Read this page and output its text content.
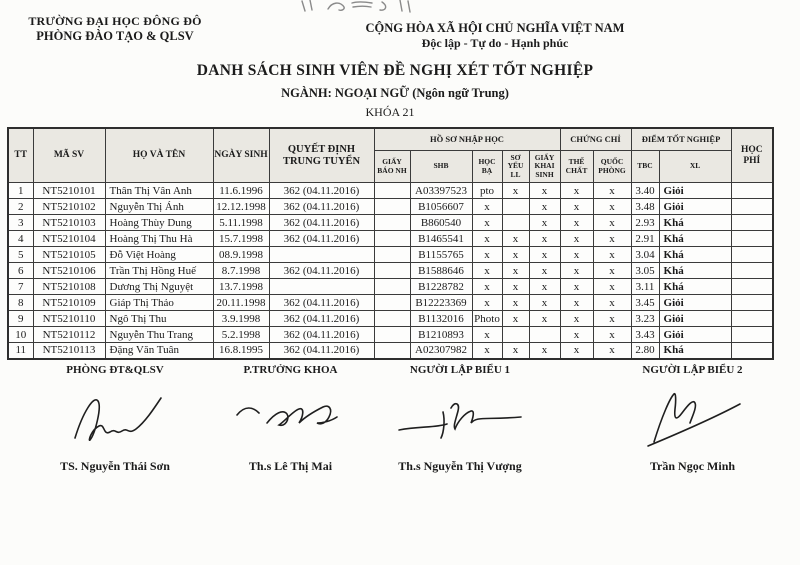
TRƯỜNG ĐẠI HỌC ĐÔNG ĐÔ
PHÒNG ĐÀO TẠO & QLSV
CỘNG HÒA XÃ HỘI CHỦ NGHĨA VIỆT NAM
Độc lập - Tự do - Hạnh phúc
DANH SÁCH SINH VIÊN ĐỀ NGHỊ XÉT TỐT NGHIỆP
NGÀNH: NGOẠI NGỮ (Ngôn ngữ Trung)
KHÓA 21
TT	MÃ SV	HỌ VÀ TÊN	NGÀY SINH	QUYẾT ĐỊNH TRUNG TUYỂN	HỒ SƠ NHẬP HỌC					CHỨNG CHỈ		ĐIỂM TỐT NGHIỆP		HỌC PHÍ
					GIẤY BÁO NH	SHB	HỌC BẠ	SƠ YẾU LL	GIẤY KHAI SINH	THỂ CHẤT	QUỐC PHÒNG	TBC	XL	
1	NT5210101	Thân Thị Vân Anh	11.6.1996	362 (04.11.2016)		A03397523	pto	x	x	x	x	3.40	Giỏi	
2	NT5210102	Nguyễn Thị Ánh	12.12.1998	362 (04.11.2016)		B1056607	x		x	x	x	3.48	Giỏi	
3	NT5210103	Hoàng Thùy Dung	5.11.1998	362 (04.11.2016)		B860540	x		x	x	x	2.93	Khá	
4	NT5210104	Hoàng Thị Thu Hà	15.7.1998	362 (04.11.2016)		B1465541	x	x	x	x	x	2.91	Khá	
5	NT5210105	Đỗ Việt Hoàng	08.9.1998			B1155765	x	x	x	x	x	3.04	Khá	
6	NT5210106	Trần Thị Hồng Huế	8.7.1998	362 (04.11.2016)		B1588646	x	x	x	x	x	3.05	Khá	
7	NT5210108	Dương Thị Nguyệt	13.7.1998			B1228782	x	x	x	x	x	3.11	Khá	
8	NT5210109	Giáp Thị Thảo	20.11.1998	362 (04.11.2016)		B12223369	x	x	x	x	x	3.45	Giỏi	
9	NT5210110	Ngô Thị Thu	3.9.1998	362 (04.11.2016)		B1132016	Photo	x	x	x	x	3.23	Giỏi	
10	NT5210112	Nguyễn Thu Trang	5.2.1998	362 (04.11.2016)		B1210893	x			x	x	3.43	Giỏi	
11	NT5210113	Đặng Văn Tuân	16.8.1995	362 (04.11.2016)		A02307982	x	x	x	x	x	2.80	Khá	
PHÒNG ĐT&QLSV
TS. Nguyễn Thái Sơn
P.TRƯỞNG KHOA
Th.s Lê Thị Mai
NGƯỜI LẬP BIỂU 1
Th.s Nguyễn Thị Vượng
NGƯỜI LẬP BIỂU 2
Trần Ngọc Minh
